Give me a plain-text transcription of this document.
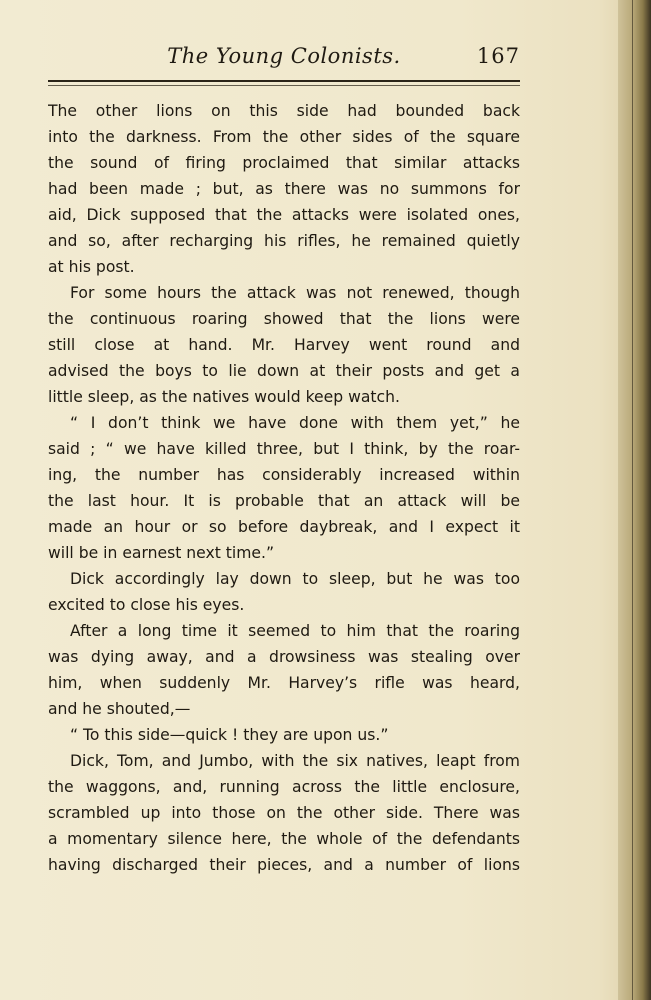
The Young Colonists.	167
The other lions on this side had bounded back
into the darkness. From the other sides of the square
the sound of firing proclaimed that similar attacks
had been made ; but, as there was no summons for
aid, Dick supposed that the attacks were isolated ones,
and so, after recharging his rifles, he remained quietly
at his post.
For some hours the attack was not renewed, though
the continuous roaring showed that the lions were
still close at hand. Mr. Harvey went round and
advised the boys to lie down at their posts and get a
little sleep, as the natives would keep watch.
“ I don’t think we have done with them yet,” he
said ; “ we have killed three, but I think, by the roar-
ing, the number has considerably increased within
the last hour. It is probable that an attack will be
made an hour or so before daybreak, and I expect it
will be in earnest next time.”
Dick accordingly lay down to sleep, but he was too
excited to close his eyes.
After a long time it seemed to him that the roaring
was dying away, and a drowsiness was stealing over
him, when suddenly Mr. Harvey’s rifle was heard,
and he shouted,—
“ To this side—quick ! they are upon us.”
Dick, Tom, and Jumbo, with the six natives, leapt from
the waggons, and, running across the little enclosure,
scrambled up into those on the other side. There was
a momentary silence here, the whole of the defendants
having discharged their pieces, and a number of lions
